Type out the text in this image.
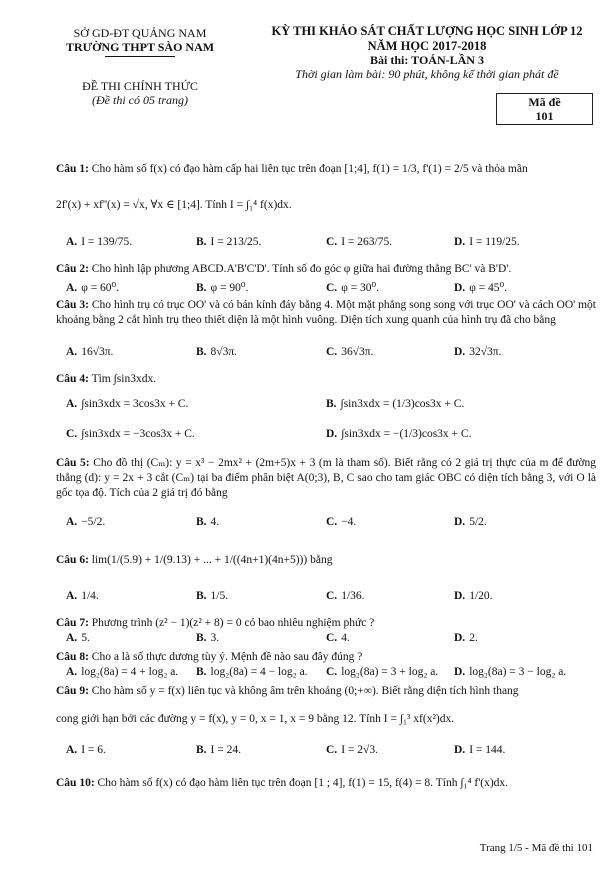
SỞ GD-ĐT QUẢNG NAM
TRƯỜNG THPT SÀO NAM
ĐỀ THI CHÍNH THỨC
(Đề thi có 05 trang)
KỲ THI KHẢO SÁT CHẤT LƯỢNG HỌC SINH LỚP 12
NĂM HỌC 2017-2018
Bài thi: TOÁN-LẦN 3
Thời gian làm bài: 90 phút, không kể thời gian phát đề
Mã đề
101
Câu 1: Cho hàm số f(x) có đạo hàm cấp hai liên tục trên đoạn [1;4], f(1) = 1/3, f'(1) = 2/5 và thỏa mãn
2f'(x) + xf''(x) = √x, ∀x ∈ [1;4]. Tính I = ∫₁⁴ f(x)dx.
A. I = 139/75.	B. I = 213/25.	C. I = 263/75.	D. I = 119/25.
Câu 2: Cho hình lập phương ABCD.A'B'C'D'. Tính số đo góc φ giữa hai đường thẳng BC' và B'D'.
A. φ = 60⁰.	B. φ = 90⁰.	C. φ = 30⁰.	D. φ = 45⁰.
Câu 3: Cho hình trụ có trục OO' và có bán kính đáy bằng 4. Một mặt phẳng song song với trục OO' và cách OO' một khoảng bằng 2 cắt hình trụ theo thiết diện là một hình vuông. Diện tích xung quanh của hình trụ đã cho bằng
A. 16√3π.	B. 8√3π.	C. 36√3π.	D. 32√3π.
Câu 4: Tìm ∫sin3xdx.
A. ∫sin3xdx = 3cos3x + C.	B. ∫sin3xdx = (1/3)cos3x + C.
C. ∫sin3xdx = −3cos3x + C.	D. ∫sin3xdx = −(1/3)cos3x + C.
Câu 5: Cho đồ thị (Cₘ): y = x³ − 2mx² + (2m+5)x + 3 (m là tham số). Biết rằng có 2 giá trị thực của m để đường thẳng (d): y = 2x + 3 cắt (Cₘ) tại ba điểm phân biệt A(0;3), B, C sao cho tam giác OBC có diện tích bằng 3, với O là gốc tọa độ. Tích của 2 giá trị đó bằng
A. −5/2.	B. 4.	C. −4.	D. 5/2.
Câu 6: lim(1/(5.9) + 1/(9.13) + ... + 1/((4n+1)(4n+5))) bằng
A. 1/4.	B. 1/5.	C. 1/36.	D. 1/20.
Câu 7: Phương trình (z² − 1)(z² + 8) = 0 có bao nhiêu nghiệm phức ?
A. 5.	B. 3.	C. 4.	D. 2.
Câu 8: Cho a là số thực dương tùy ý. Mệnh đề nào sau đây đúng ?
A. log₂(8a) = 4 + log₂ a. B. log₂(8a) = 4 − log₂ a. C. log₂(8a) = 3 + log₂ a. D. log₂(8a) = 3 − log₂ a.
Câu 9: Cho hàm số y = f(x) liên tục và không âm trên khoảng (0;+∞). Biết rằng diện tích hình thang
cong giới hạn bởi các đường y = f(x), y = 0, x = 1, x = 9 bằng 12. Tính I = ∫₁³ xf(x²)dx.
A. I = 6.	B. I = 24.	C. I = 2√3.	D. I = 144.
Câu 10: Cho hàm số f(x) có đạo hàm liên tục trên đoạn [1 ; 4], f(1) = 15, f(4) = 8. Tính ∫₁⁴ f'(x)dx.
Trang 1/5 - Mã đề thi 101
